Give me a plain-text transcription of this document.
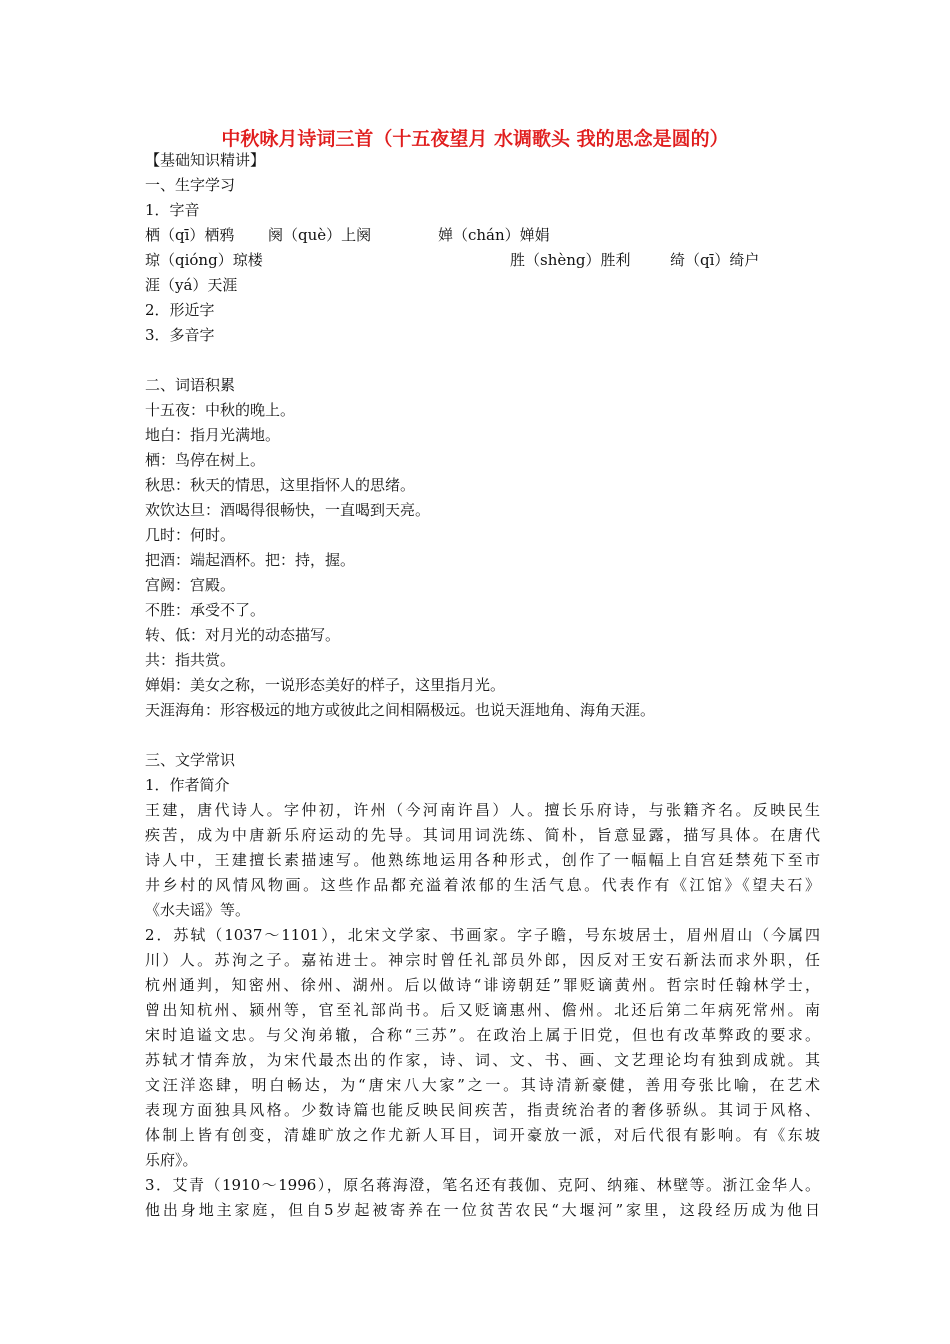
中秋咏月诗词三首（十五夜望月 水调歌头 我的思念是圆的）
【基础知识精讲】
一、生字学习
1．字音
栖（qī）栖鸦 阕（què）上阕	婵（chán）婵娟
琼（qióng）琼楼	胜（shèng）胜利	绮（qī）绮户
涯（yá）天涯
2．形近字
3．多音字
二、词语积累
十五夜：中秋的晚上。
地白：指月光满地。
栖：鸟停在树上。
秋思：秋天的情思，这里指怀人的思绪。
欢饮达旦：酒喝得很畅快，一直喝到天亮。
几时：何时。
把酒：端起酒杯。把：持，握。
宫阙：宫殿。
不胜：承受不了。
转、低：对月光的动态描写。
共：指共赏。
婵娟：美女之称，一说形态美好的样子，这里指月光。
天涯海角：形容极远的地方或彼此之间相隔极远。也说天涯地角、海角天涯。
三、文学常识
1．作者简介
王建，唐代诗人。字仲初，许州（今河南许昌）人。擅长乐府诗，与张籍齐名。反映民生
疾苦，成为中唐新乐府运动的先导。其词用词洗练、简朴，旨意显露，描写具体。在唐代
诗人中，王建擅长素描速写。他熟练地运用各种形式，创作了一幅幅上自宫廷禁苑下至市
井乡村的风情风物画。这些作品都充溢着浓郁的生活气息。代表作有《江馆》《望夫石》
《水夫谣》等。
2．苏轼（1037～1101），北宋文学家、书画家。字子瞻，号东坡居士，眉州眉山（今属四
川）人。苏洵之子。嘉祐进士。神宗时曾任礼部员外郎，因反对王安石新法而求外职，任
杭州通判，知密州、徐州、湖州。后以做诗“诽谤朝廷”罪贬谪黄州。哲宗时任翰林学士，
曾出知杭州、颍州等，官至礼部尚书。后又贬谪惠州、儋州。北还后第二年病死常州。南
宋时追谥文忠。与父洵弟辙，合称“三苏”。在政治上属于旧党，但也有改革弊政的要求。
苏轼才情奔放，为宋代最杰出的作家，诗、词、文、书、画、文艺理论均有独到成就。其
文汪洋恣肆，明白畅达，为“唐宋八大家”之一。其诗清新豪健，善用夸张比喻，在艺术
表现方面独具风格。少数诗篇也能反映民间疾苦，指责统治者的奢侈骄纵。其词于风格、
体制上皆有创变，清雄旷放之作尤新人耳目，词开豪放一派，对后代很有影响。有《东坡
乐府》。
3．艾青（1910～1996），原名蒋海澄，笔名还有莪伽、克阿、纳雍、林壁等。浙江金华人。
他出身地主家庭，但自5岁起被寄养在一位贫苦农民“大堰河”家里，这段经历成为他日
